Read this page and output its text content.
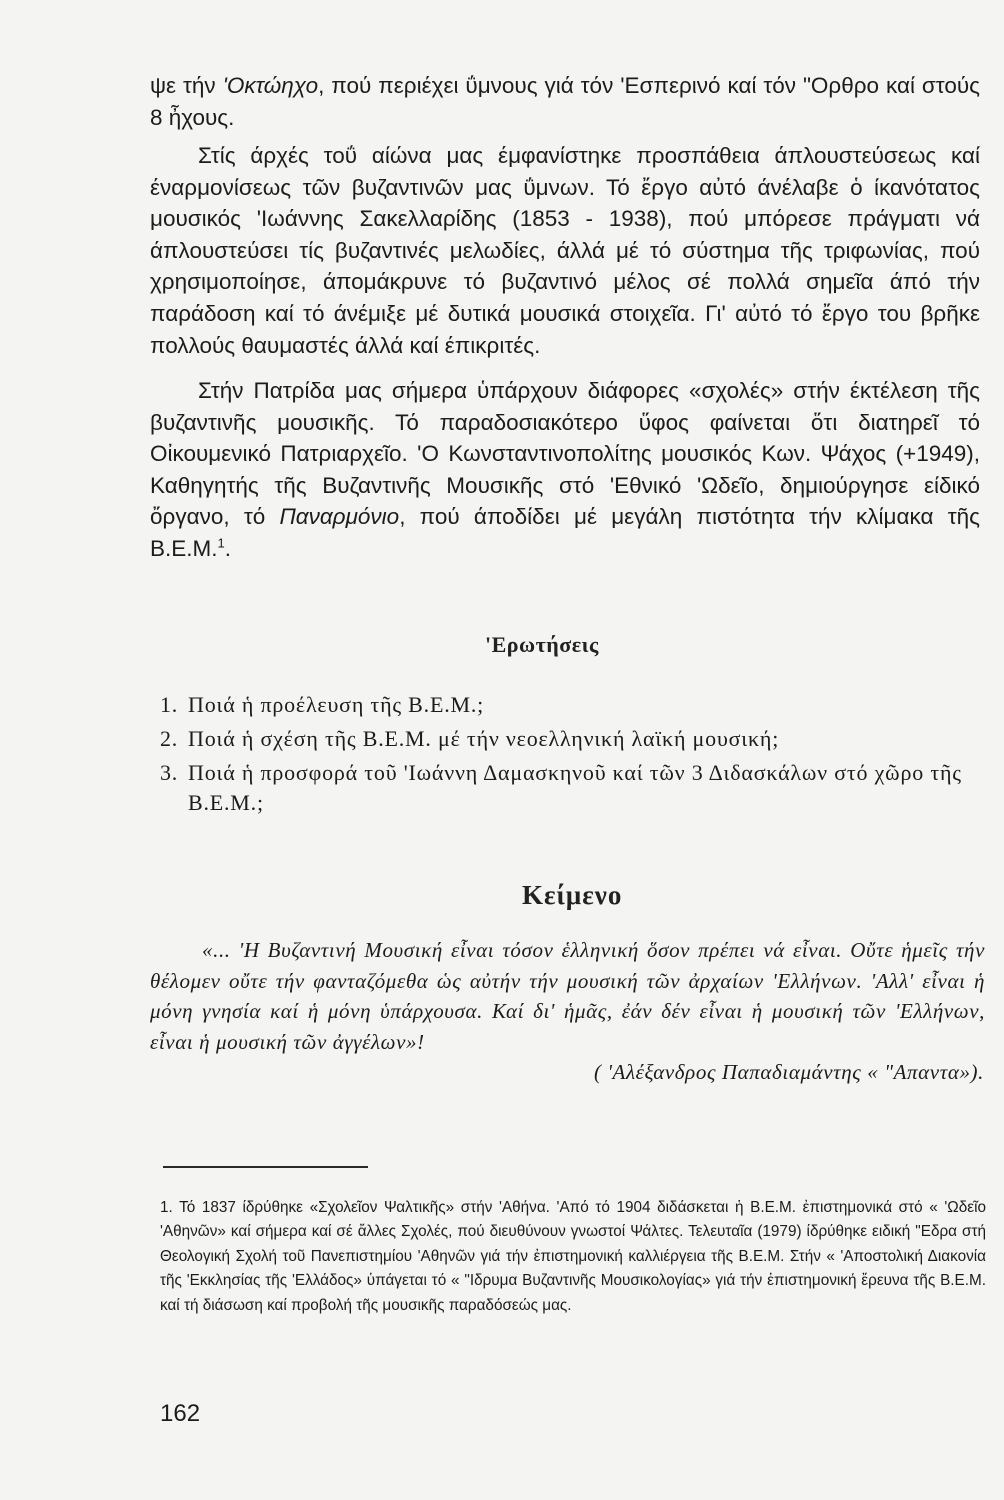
ψε τήν 'Οκτώηχο, πού περιέχει ΰμνους γιά τόν 'Εσπερινό καί τόν "Ορθρο καί στούς 8 ἦχους.

Στίς άρχές τοΰ αίώνα μας έμφανίστηκε προσπάθεια άπλουστεύσεως καί έναρμονίσεως τῶν βυζαντινῶν μας ΰμνων. Τό ἔργο αὐτό άνέλαβε ὁ ίκανότατος μουσικός 'Ιωάννης Σακελλαρίδης (1853 - 1938), πού μπόρεσε πράγματι νά άπλουστεύσει τίς βυζαντινές μελωδίες, άλλά μέ τό σύστημα τῆς τριφωνίας, πού χρησιμοποίησε, άπομάκρυνε τό βυζαντινό μέλος σέ πολλά σημεῖα άπό τήν παράδοση καί τό άνέμιξε μέ δυτικά μουσικά στοιχεῖα. Γι' αὐτό τό ἔργο του βρῆκε πολλούς θαυμαστές άλλά καί έπικριτές.

Στήν Πατρίδα μας σήμερα ὑπάρχουν διάφορες «σχολές» στήν έκτέλεση τῆς βυζαντινῆς μουσικῆς. Τό παραδοσιακότερο ὕφος φαίνεται ὅτι διατηρεῖ τό Οἰκουμενικό Πατριαρχεῖο. 'Ο Κωνσταντινοπολίτης μουσικός Κων. Ψάχος (+1949), Καθηγητής τῆς Βυζαντινῆς Μουσικῆς στό 'Εθνικό 'Ωδεῖο, δημιούργησε είδικό ὄργανο, τό Παναρμόνιο, πού άποδίδει μέ μεγάλη πιστότητα τήν κλίμακα τῆς Β.Ε.Μ.$^1$.

'Ερωτήσεις
1. Ποιά ἡ προέλευση τῆς Β.Ε.Μ.;
2. Ποιά ἡ σχέση τῆς Β.Ε.Μ. μέ τήν νεοελληνική λαϊκή μουσική;
3. Ποιά ἡ προσφορά τοῦ 'Ιωάννη Δαμασκηνοῦ καί τῶν 3 Διδασκάλων στό χῶρο τῆς Β.Ε.Μ.;
Κείμενο

«... 'Η Βυζαντινή Μουσική εἶναι τόσον ἑλληνική ὅσον πρέπει νά εἶναι. Οὔτε ἡμεῖς τήν θέλομεν οὔτε τήν φανταζόμεθα ὡς αὐτήν τήν μουσική τῶν ἀρχαίων 'Ελλήνων. 'Αλλ' εἶναι ἡ μόνη γνησία καί ἡ μόνη ὑπάρχουσα. Καί δι' ἡμᾶς, ἐάν δέν εἶναι ἡ μουσική τῶν 'Ελλήνων, εἶναι ἡ μουσική τῶν ἀγγέλων»!

( 'Αλέξανδρος Παπαδιαμάντης « "Απαντα»).

1. Τό 1837 ίδρύθηκε «Σχολεῖον Ψαλτικῆς» στήν 'Αθήνα. 'Από τό 1904 διδάσκεται ἡ Β.Ε.Μ. ἐπιστημονικά στό « 'Ωδεῖο 'Αθηνῶν» καί σήμερα καί σέ ἄλλες Σχολές, πού διευθύνουν γνωστοί Ψάλτες. Τελευταῖα (1979) ίδρύθηκε ειδική "Εδρα στή Θεολογική Σχολή τοῦ Πανεπιστημίου 'Αθηνῶν γιά τήν ἐπιστημονική καλλιέργεια τῆς Β.Ε.Μ. Στήν « 'Αποστολική Διακονία τῆς 'Εκκλησίας τῆς 'Ελλάδος» ὑπάγεται τό « "Ιδρυμα Βυζαντινῆς Μουσικολογίας» γιά τήν ἐπιστημονική ἔρευνα τῆς Β.Ε.Μ. καί τή διάσωση καί προβολή τῆς μουσικῆς παραδόσεώς μας.

162
